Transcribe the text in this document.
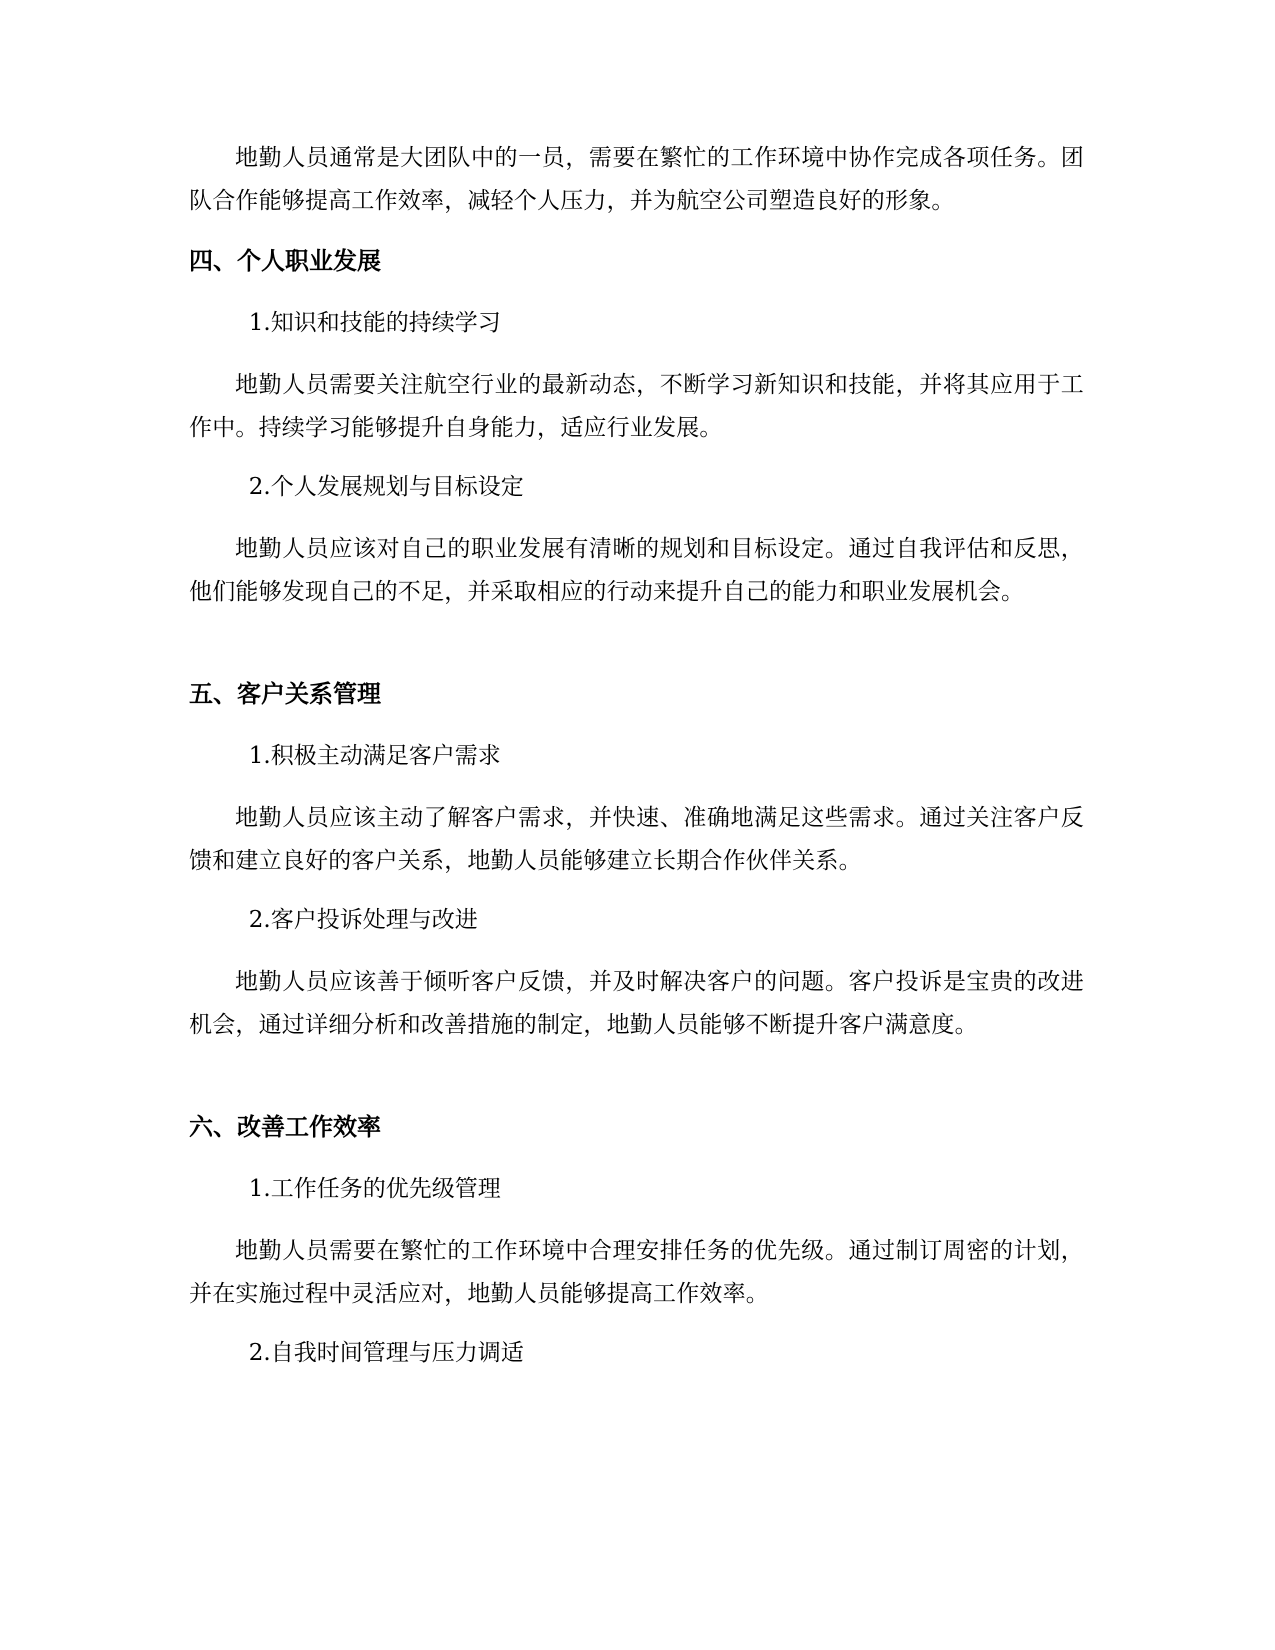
地勤人员通常是大团队中的一员，需要在繁忙的工作环境中协作完成各项任务。团队合作能够提高工作效率，减轻个人压力，并为航空公司塑造良好的形象。

四、个人职业发展

1.知识和技能的持续学习

地勤人员需要关注航空行业的最新动态，不断学习新知识和技能，并将其应用于工作中。持续学习能够提升自身能力，适应行业发展。

2.个人发展规划与目标设定

地勤人员应该对自己的职业发展有清晰的规划和目标设定。通过自我评估和反思，他们能够发现自己的不足，并采取相应的行动来提升自己的能力和职业发展机会。

五、客户关系管理

1.积极主动满足客户需求

地勤人员应该主动了解客户需求，并快速、准确地满足这些需求。通过关注客户反馈和建立良好的客户关系，地勤人员能够建立长期合作伙伴关系。

2.客户投诉处理与改进

地勤人员应该善于倾听客户反馈，并及时解决客户的问题。客户投诉是宝贵的改进机会，通过详细分析和改善措施的制定，地勤人员能够不断提升客户满意度。

六、改善工作效率

1.工作任务的优先级管理

地勤人员需要在繁忙的工作环境中合理安排任务的优先级。通过制订周密的计划，并在实施过程中灵活应对，地勤人员能够提高工作效率。

2.自我时间管理与压力调适
